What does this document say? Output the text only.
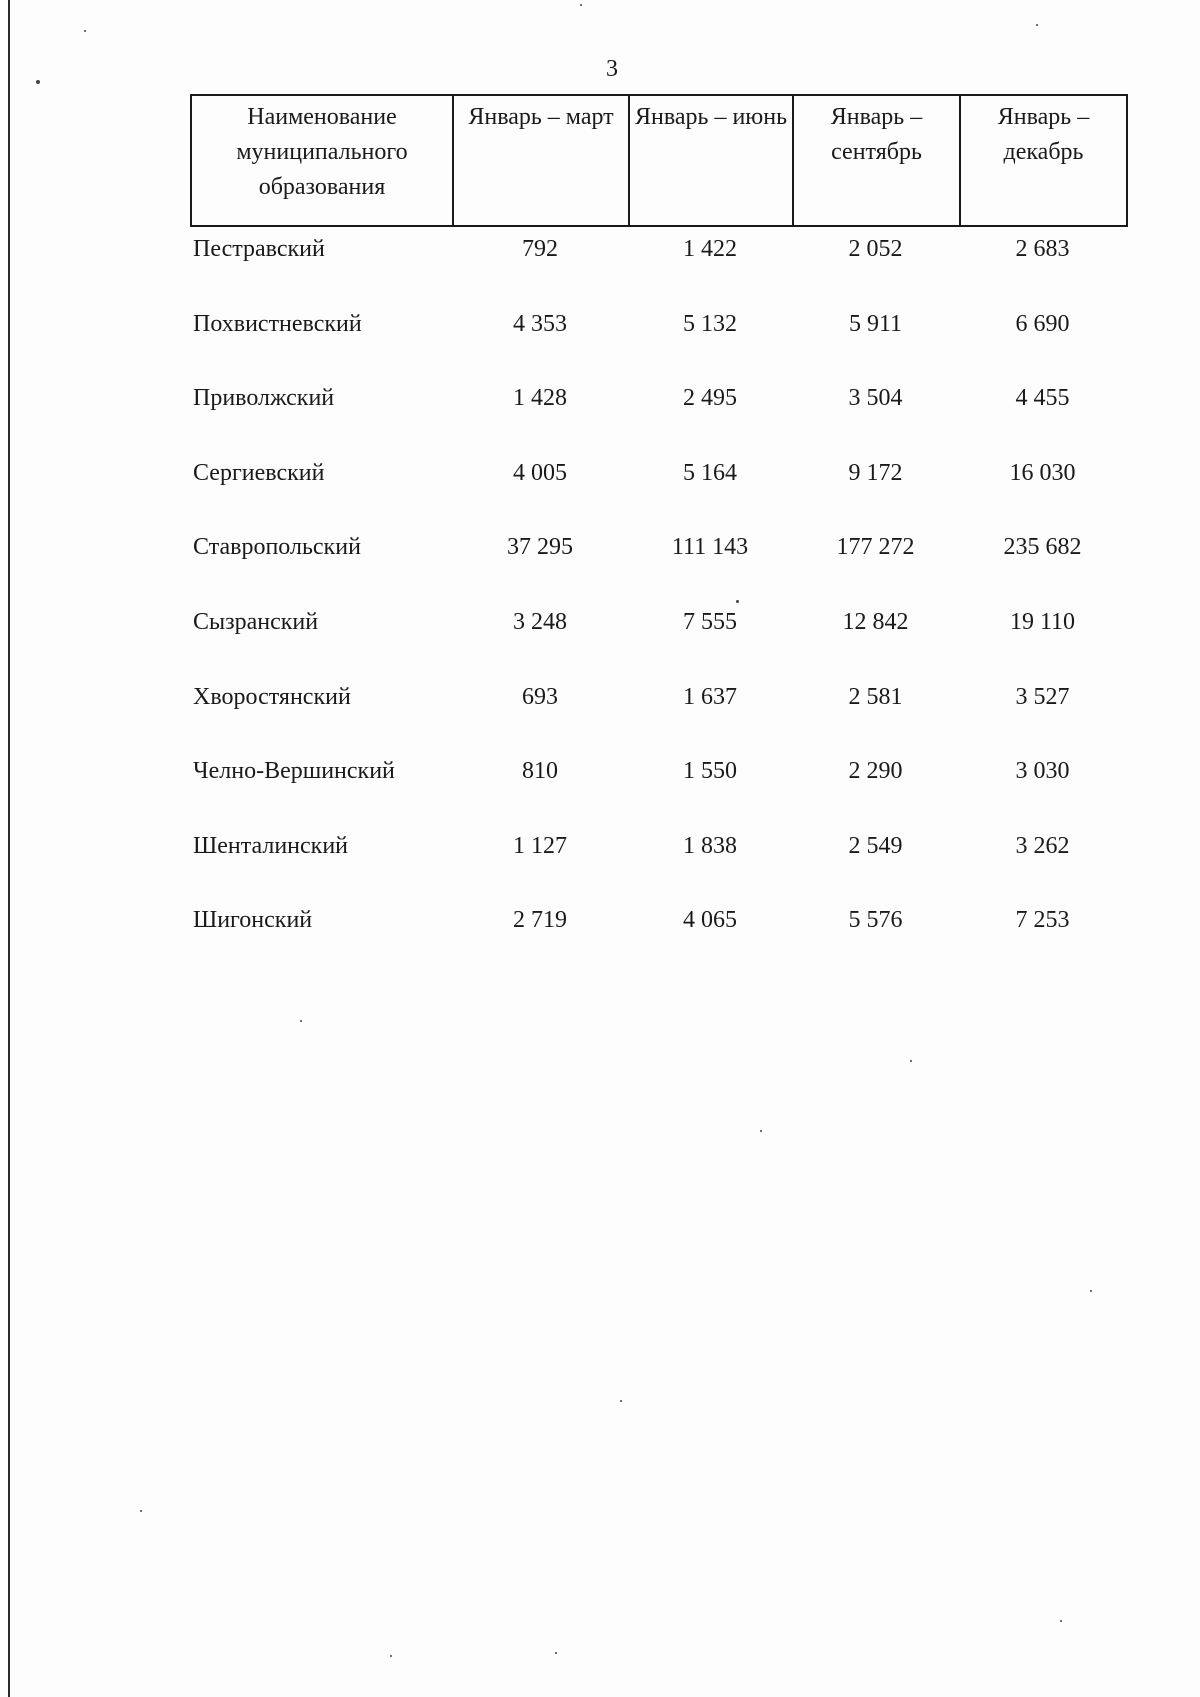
3
Наименование муниципального образования	Январь – март	Январь – июнь	Январь – сентябрь	Январь – декабрь
Пестравский	792	1 422	2 052	2 683
Похвистневский	4 353	5 132	5 911	6 690
Приволжский	1 428	2 495	3 504	4 455
Сергиевский	4 005	5 164	9 172	16 030
Ставропольский	37 295	111 143	177 272	235 682
Сызранский	3 248	7 555	12 842	19 110
Хворостянский	693	1 637	2 581	3 527
Челно-Вершинский	810	1 550	2 290	3 030
Шенталинский	1 127	1 838	2 549	3 262
Шигонский	2 719	4 065	5 576	7 253
